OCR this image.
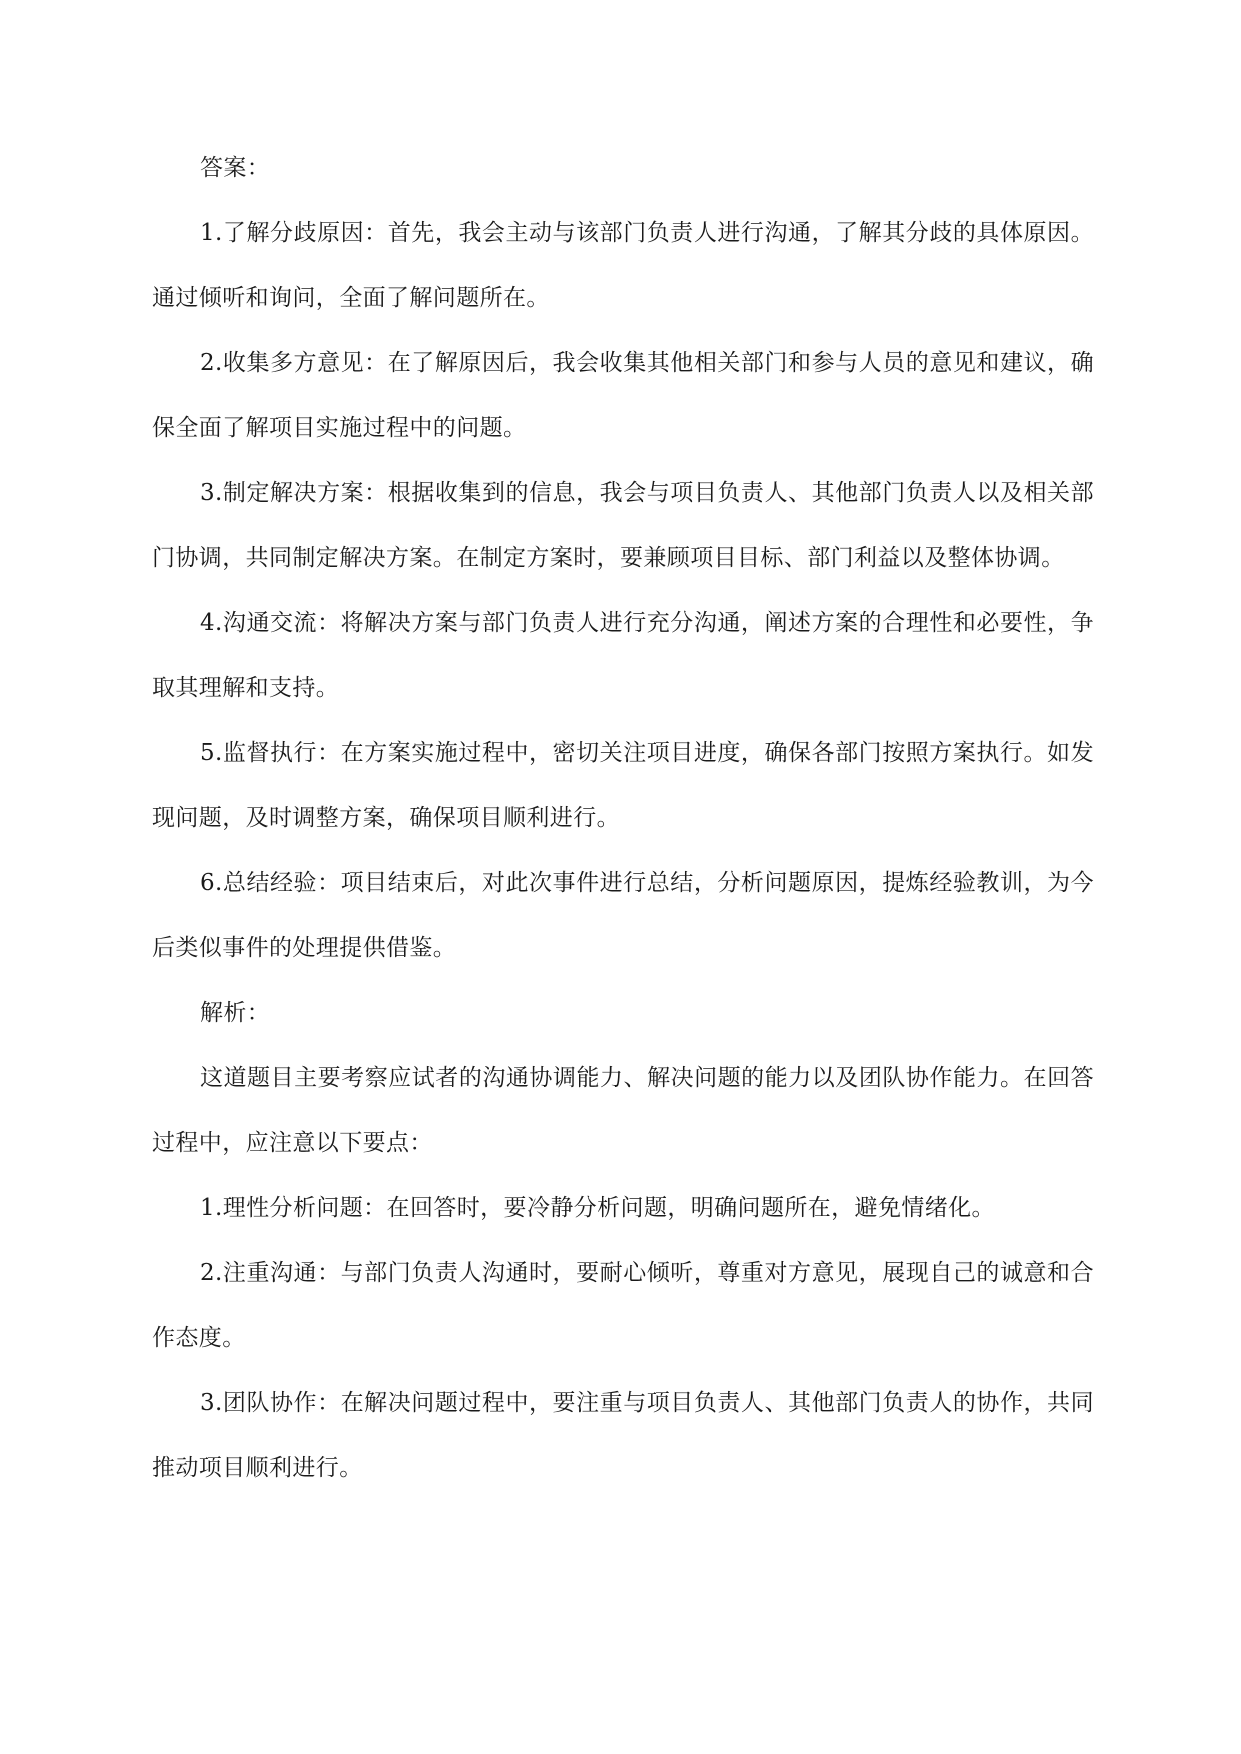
答案：

1.了解分歧原因：首先，我会主动与该部门负责人进行沟通，了解其分歧的具体原因。通过倾听和询问，全面了解问题所在。

2.收集多方意见：在了解原因后，我会收集其他相关部门和参与人员的意见和建议，确保全面了解项目实施过程中的问题。

3.制定解决方案：根据收集到的信息，我会与项目负责人、其他部门负责人以及相关部门协调，共同制定解决方案。在制定方案时，要兼顾项目目标、部门利益以及整体协调。

4.沟通交流：将解决方案与部门负责人进行充分沟通，阐述方案的合理性和必要性，争取其理解和支持。

5.监督执行：在方案实施过程中，密切关注项目进度，确保各部门按照方案执行。如发现问题，及时调整方案，确保项目顺利进行。

6.总结经验：项目结束后，对此次事件进行总结，分析问题原因，提炼经验教训，为今后类似事件的处理提供借鉴。

解析：

这道题目主要考察应试者的沟通协调能力、解决问题的能力以及团队协作能力。在回答过程中，应注意以下要点：

1.理性分析问题：在回答时，要冷静分析问题，明确问题所在，避免情绪化。

2.注重沟通：与部门负责人沟通时，要耐心倾听，尊重对方意见，展现自己的诚意和合作态度。

3.团队协作：在解决问题过程中，要注重与项目负责人、其他部门负责人的协作，共同推动项目顺利进行。
